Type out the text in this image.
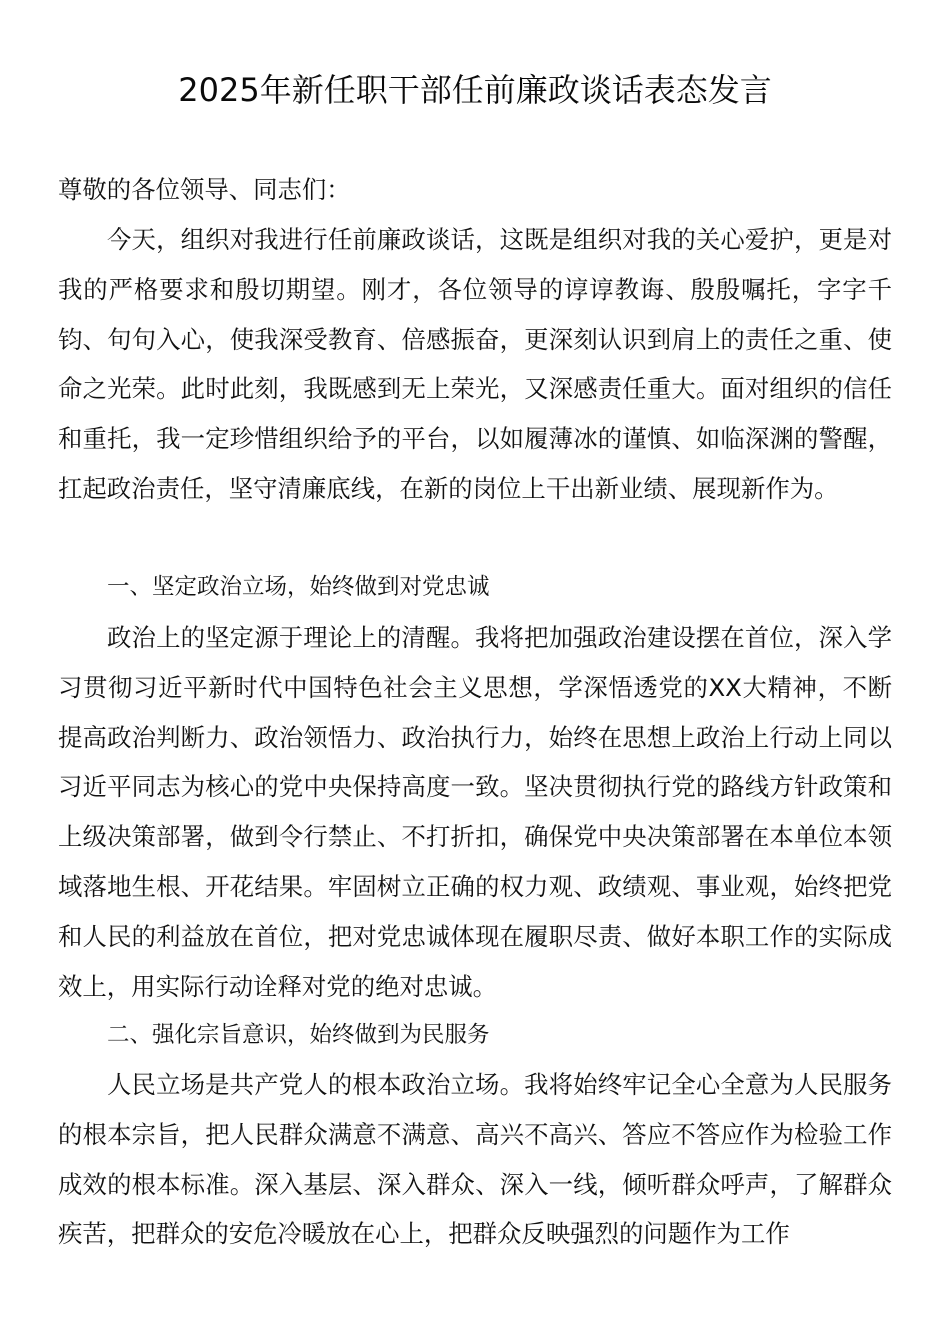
2025年新任职干部任前廉政谈话表态发言

尊敬的各位领导、同志们：

今天，组织对我进行任前廉政谈话，这既是组织对我的关心爱护，更是对我的严格要求和殷切期望。刚才，各位领导的谆谆教诲、殷殷嘱托，字字千钧、句句入心，使我深受教育、倍感振奋，更深刻认识到肩上的责任之重、使命之光荣。此时此刻，我既感到无上荣光，又深感责任重大。面对组织的信任和重托，我一定珍惜组织给予的平台，以如履薄冰的谨慎、如临深渊的警醒，扛起政治责任，坚守清廉底线，在新的岗位上干出新业绩、展现新作为。

一、坚定政治立场，始终做到对党忠诚

政治上的坚定源于理论上的清醒。我将把加强政治建设摆在首位，深入学习贯彻习近平新时代中国特色社会主义思想，学深悟透党的XX大精神，不断提高政治判断力、政治领悟力、政治执行力，始终在思想上政治上行动上同以习近平同志为核心的党中央保持高度一致。坚决贯彻执行党的路线方针政策和上级决策部署，做到令行禁止、不打折扣，确保党中央决策部署在本单位本领域落地生根、开花结果。牢固树立正确的权力观、政绩观、事业观，始终把党和人民的利益放在首位，把对党忠诚体现在履职尽责、做好本职工作的实际成效上，用实际行动诠释对党的绝对忠诚。

二、强化宗旨意识，始终做到为民服务

人民立场是共产党人的根本政治立场。我将始终牢记全心全意为人民服务的根本宗旨，把人民群众满意不满意、高兴不高兴、答应不答应作为检验工作成效的根本标准。深入基层、深入群众、深入一线，倾听群众呼声，了解群众疾苦，把群众的安危冷暖放在心上，把群众反映强烈的问题作为工作
